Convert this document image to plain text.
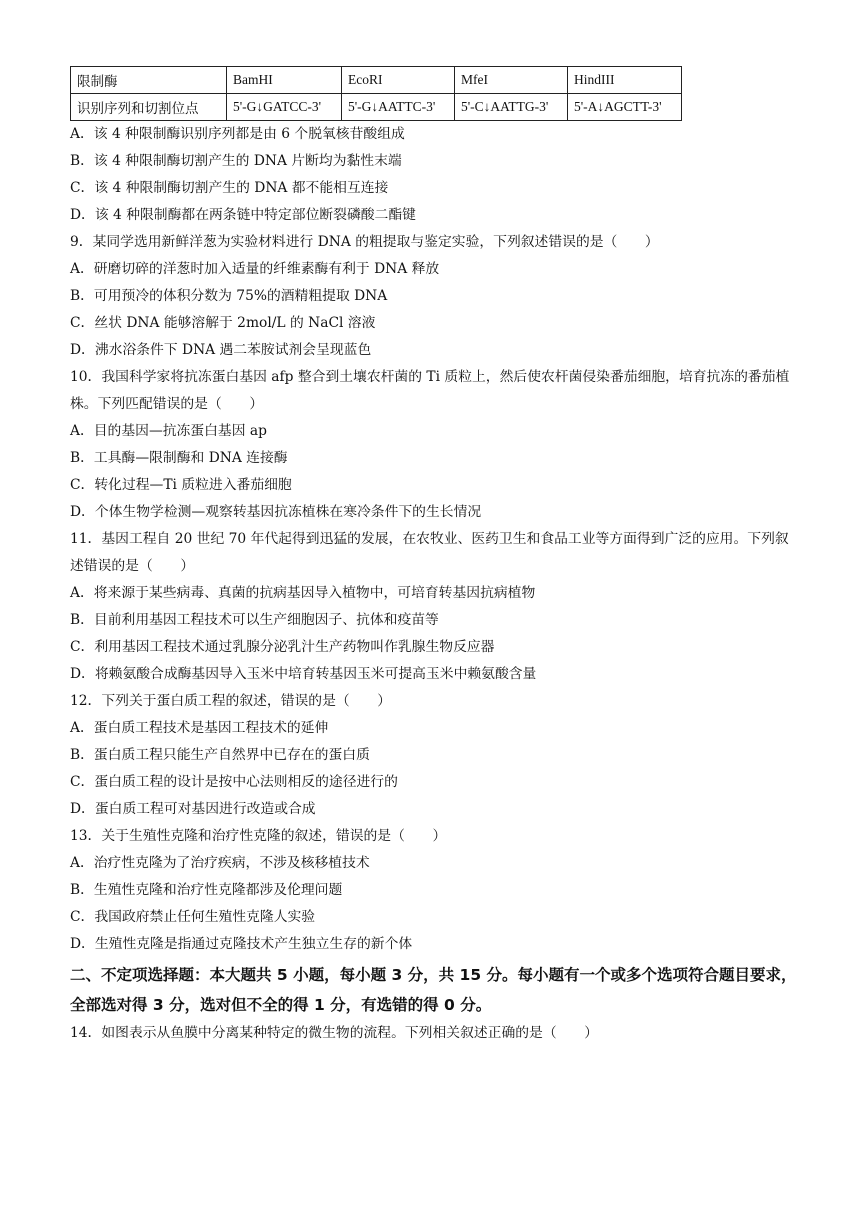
限制酶	BamHI	EcoRI	MfeI	HindIII
识别序列和切割位点	5'-G↓GATCC-3'	5'-G↓AATTC-3'	5'-C↓AATTG-3'	5'-A↓AGCTT-3'
A．该 4 种限制酶识别序列都是由 6 个脱氧核苷酸组成
B．该 4 种限制酶切割产生的 DNA 片断均为黏性末端
C．该 4 种限制酶切割产生的 DNA 都不能相互连接
D．该 4 种限制酶都在两条链中特定部位断裂磷酸二酯键
9．某同学选用新鲜洋葱为实验材料进行 DNA 的粗提取与鉴定实验，下列叙述错误的是（　　）
A．研磨切碎的洋葱时加入适量的纤维素酶有利于 DNA 释放
B．可用预冷的体积分数为 75%的酒精粗提取 DNA
C．丝状 DNA 能够溶解于 2mol/L 的 NaCl 溶液
D．沸水浴条件下 DNA 遇二苯胺试剂会呈现蓝色
10．我国科学家将抗冻蛋白基因 afp 整合到土壤农杆菌的 Ti 质粒上，然后使农杆菌侵染番茄细胞，培育抗冻的番茄植株。下列匹配错误的是（　　）
A．目的基因—抗冻蛋白基因 ap
B．工具酶—限制酶和 DNA 连接酶
C．转化过程—Ti 质粒进入番茄细胞
D．个体生物学检测—观察转基因抗冻植株在寒冷条件下的生长情况
11．基因工程自 20 世纪 70 年代起得到迅猛的发展，在农牧业、医药卫生和食品工业等方面得到广泛的应用。下列叙述错误的是（　　）
A．将来源于某些病毒、真菌的抗病基因导入植物中，可培育转基因抗病植物
B．目前利用基因工程技术可以生产细胞因子、抗体和疫苗等
C．利用基因工程技术通过乳腺分泌乳汁生产药物叫作乳腺生物反应器
D．将赖氨酸合成酶基因导入玉米中培育转基因玉米可提高玉米中赖氨酸含量
12．下列关于蛋白质工程的叙述，错误的是（　　）
A．蛋白质工程技术是基因工程技术的延伸
B．蛋白质工程只能生产自然界中已存在的蛋白质
C．蛋白质工程的设计是按中心法则相反的途径进行的
D．蛋白质工程可对基因进行改造或合成
13．关于生殖性克隆和治疗性克隆的叙述，错误的是（　　）
A．治疗性克隆为了治疗疾病，不涉及核移植技术
B．生殖性克隆和治疗性克隆都涉及伦理问题
C．我国政府禁止任何生殖性克隆人实验
D．生殖性克隆是指通过克隆技术产生独立生存的新个体
二、不定项选择题：本大题共 5 小题，每小题 3 分，共 15 分。每小题有一个或多个选项符合题目要求，全部选对得 3 分，选对但不全的得 1 分，有选错的得 0 分。
14．如图表示从鱼膜中分离某种特定的微生物的流程。下列相关叙述正确的是（　　）
